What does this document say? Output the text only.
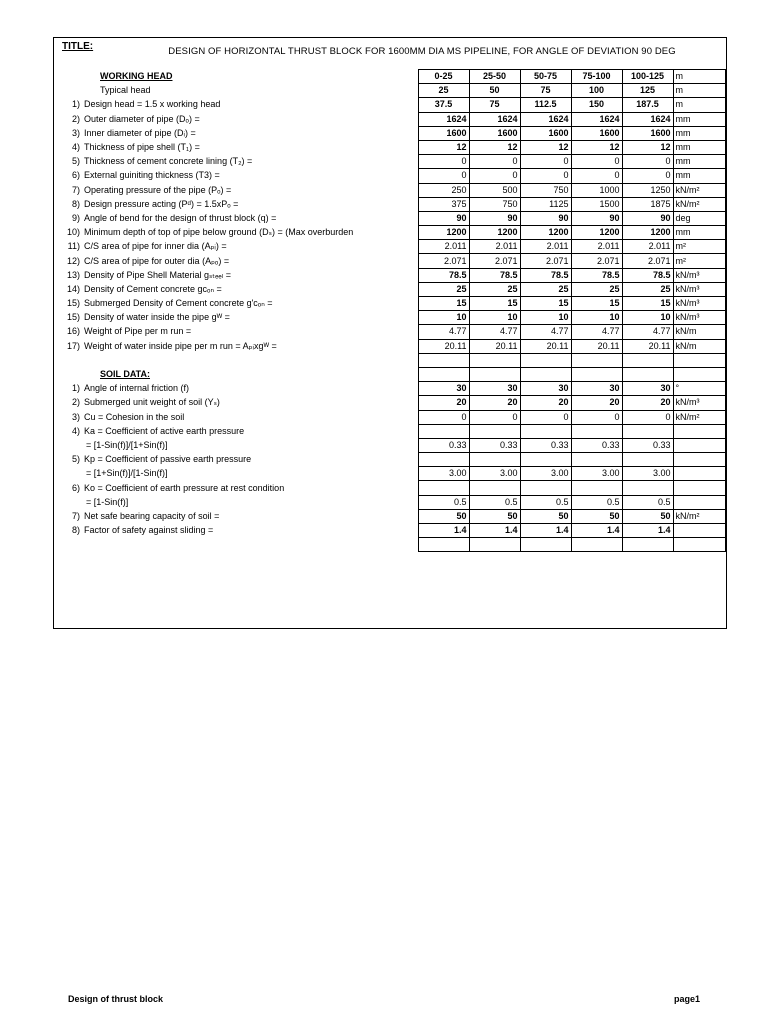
TITLE:	DESIGN OF HORIZONTAL THRUST BLOCK FOR 1600MM DIA MS PIPELINE, FOR ANGLE OF DEVIATION 90 DEG
	WORKING HEAD	0-25	25-50	50-75	75-100	100-125	m
	Typical head	25	50	75	100	125	m
1)	Design head = 1.5 x working head	37.5	75	112.5	150	187.5	m
2)	Outer diameter of pipe (Dₒ) =	1624	1624	1624	1624	1624	mm
3)	Inner diameter of pipe (Dᵢ) =	1600	1600	1600	1600	1600	mm
4)	Thickness of pipe shell (T₁) =	12	12	12	12	12	mm
5)	Thickness of cement concrete lining (T₂) =	0	0	0	0	0	mm
6)	External guiniting thickness (T3) =	0	0	0	0	0	mm
7)	Operating pressure of the pipe (Pₒ) =	250	500	750	1000	1250	kN/m²
8)	Design pressure acting (Pᵈ) = 1.5xPₒ =	375	750	1125	1500	1875	kN/m²
9)	Angle of bend for the design of thrust block (q) =	90	90	90	90	90	deg
10)	Minimum depth of top of pipe below ground (Dₛ) = (Max overburden	1200	1200	1200	1200	1200	mm
11)	C/S area of pipe for inner dia (Aₚᵢ) =	2.011	2.011	2.011	2.011	2.011	m²
12)	C/S area of pipe for outer dia (Aₚₒ) =	2.071	2.071	2.071	2.071	2.071	m²
13)	Density of Pipe Shell Material gₛₜₑₑₗ =	78.5	78.5	78.5	78.5	78.5	kN/m³
14)	Density of Cement concrete gᴄₒₙ =	25	25	25	25	25	kN/m³
15)	Submerged Density of Cement concrete g'ᴄₒₙ =	15	15	15	15	15	kN/m³
15)	Density of water inside the pipe gᵂ =	10	10	10	10	10	kN/m³
16)	Weight of Pipe per m run =	4.77	4.77	4.77	4.77	4.77	kN/m
17)	Weight of water inside pipe per m run = Aₚᵢxgᵂ =	20.11	20.11	20.11	20.11	20.11	kN/m

	SOIL DATA:						
1)	Angle of internal friction (f)	30	30	30	30	30	°
2)	Submerged unit weight of soil (Yₛ)	20	20	20	20	20	kN/m³
3)	Cu = Cohesion in the soil	0	0	0	0	0	kN/m²
4)	Ka = Coefficient of active earth pressure						
	= [1-Sin(f)]/[1+Sin(f)]	0.33	0.33	0.33	0.33	0.33	
5)	Kp = Coefficient of passive earth pressure						
	= [1+Sin(f)]/[1-Sin(f)]	3.00	3.00	3.00	3.00	3.00	
6)	Ko = Coefficient of earth pressure at rest condition						
	= [1-Sin(f)]	0.5	0.5	0.5	0.5	0.5	
7)	Net safe bearing capacity of soil =	50	50	50	50	50	kN/m²
8)	Factor of safety against sliding =	1.4	1.4	1.4	1.4	1.4	

Design of thrust block	page1
